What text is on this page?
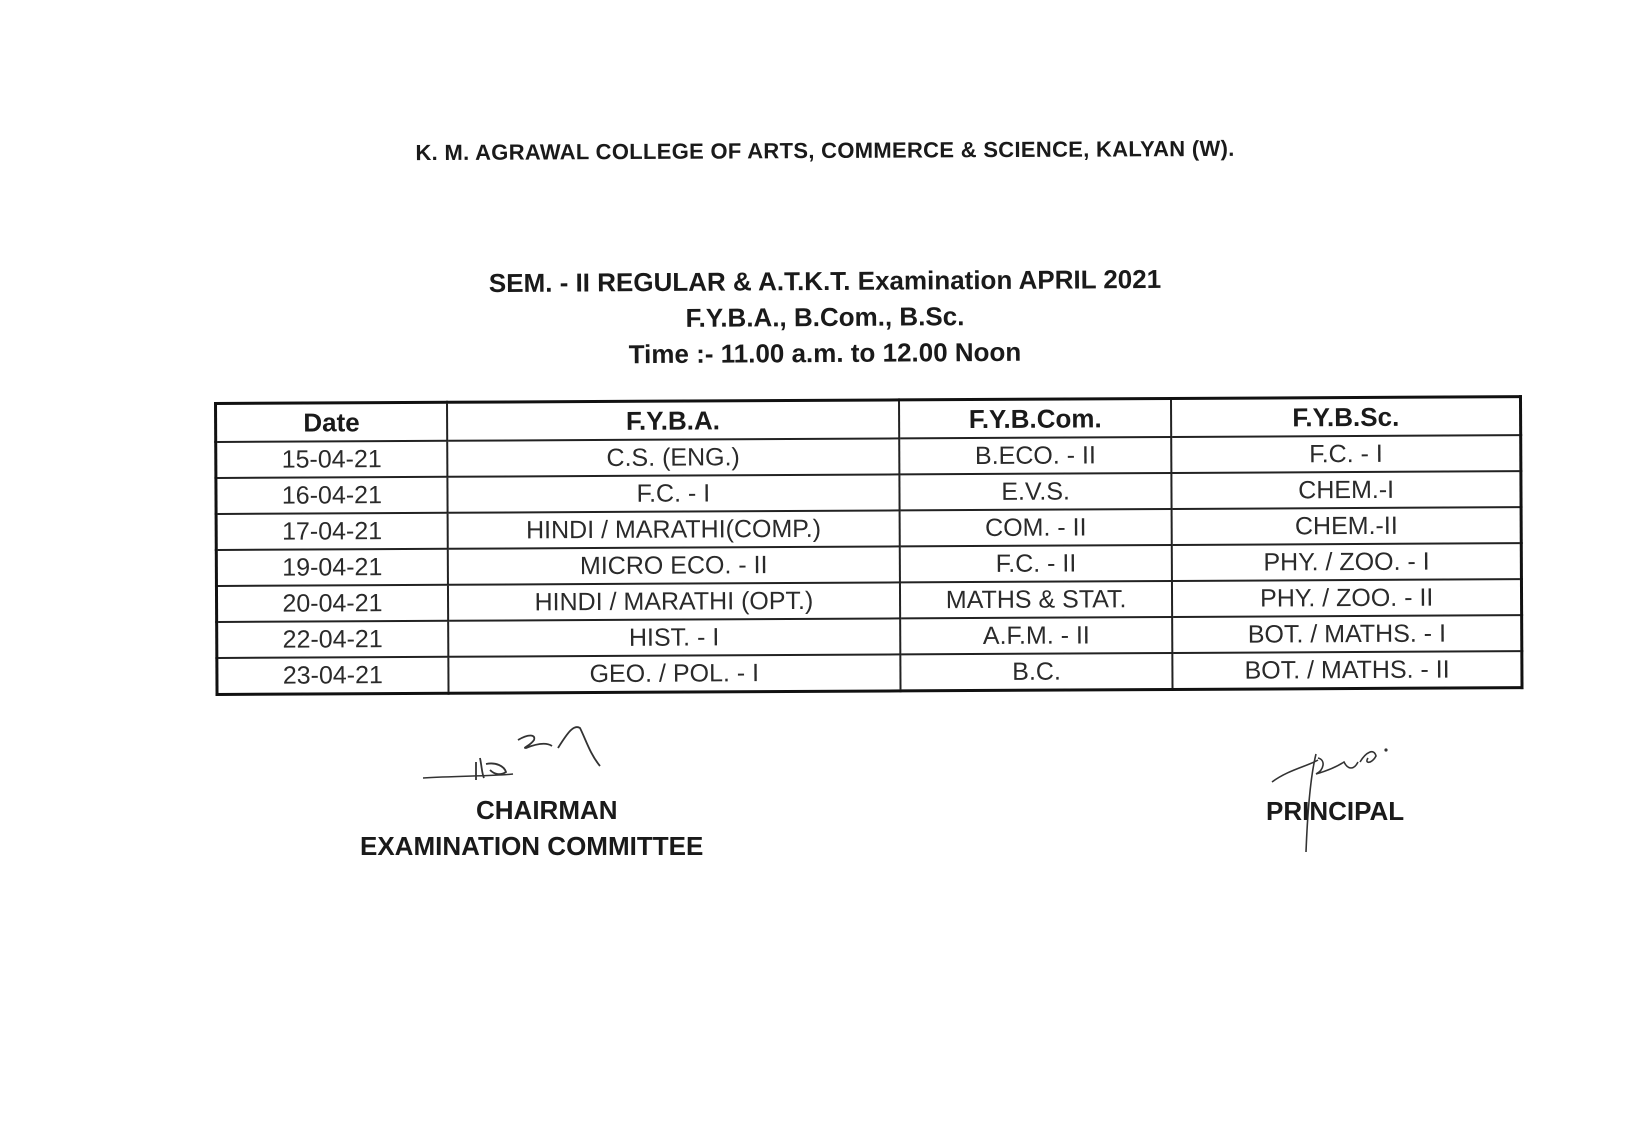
K. M. AGRAWAL COLLEGE OF ARTS, COMMERCE & SCIENCE, KALYAN (W).
SEM. - II REGULAR & A.T.K.T. Examination APRIL 2021
F.Y.B.A., B.Com., B.Sc.
Time :- 11.00 a.m. to 12.00 Noon
Date	F.Y.B.A.	F.Y.B.Com.	F.Y.B.Sc.
15-04-21	C.S. (ENG.)	B.ECO. - II	F.C. - I
16-04-21	F.C. - I	E.V.S.	CHEM.-I
17-04-21	HINDI / MARATHI(COMP.)	COM. - II	CHEM.-II
19-04-21	MICRO ECO. - II	F.C. - II	PHY. / ZOO. - I
20-04-21	HINDI / MARATHI (OPT.)	MATHS & STAT.	PHY. / ZOO. - II
22-04-21	HIST. - I	A.F.M. - II	BOT. / MATHS. - I
23-04-21	GEO. / POL. - I	B.C.	BOT. / MATHS. - II
CHAIRMAN
EXAMINATION COMMITTEE
PRINCIPAL
